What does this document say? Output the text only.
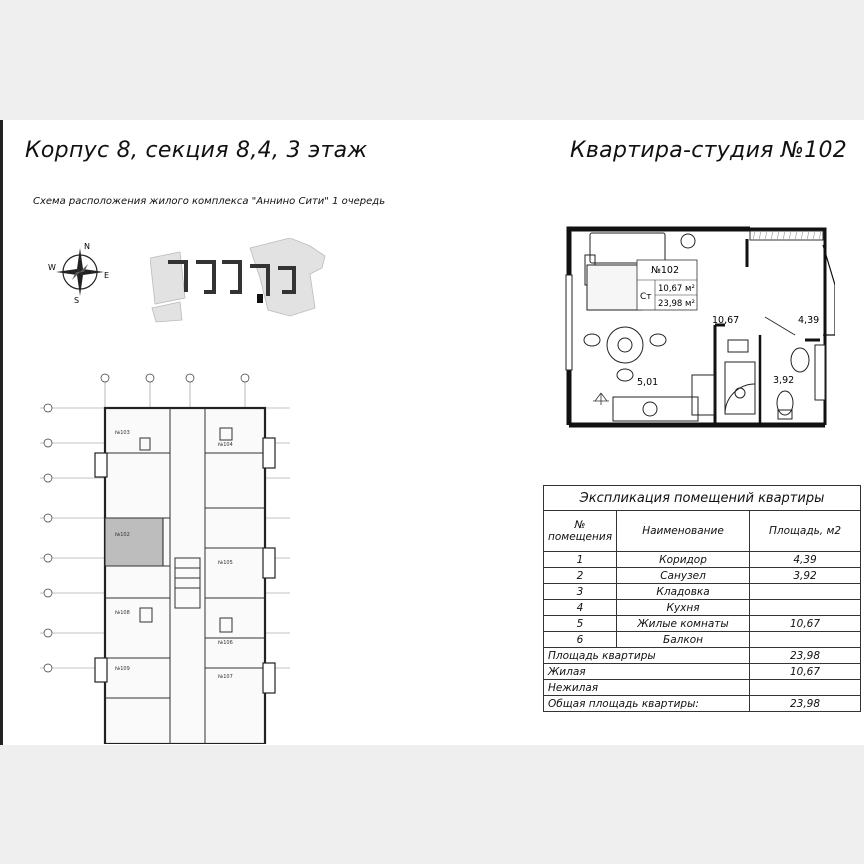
Корпус 8, секция 8,4, 3 этаж	Квартира-студия №102
Схема расположения жилого комплекса "Аннино Сити" 1 очередь
N
S
W
E
№103
№104
№102
№105
№106
№107
№108
№109
№102
Ст
10,67 м²
23,98 м²
10,67	4,39
5,01	3,92
Экспликация помещений квартиры		
№ помещения	Наименование	Площадь, м2
1	Коридор	4,39
2	Санузел	3,92
3	Кладовка	
4	Кухня	
5	Жилые комнаты	10,67
6	Балкон	
Площадь квартиры		23,98
Жилая		10,67
Нежилая		
Общая площадь квартиры:		23,98
